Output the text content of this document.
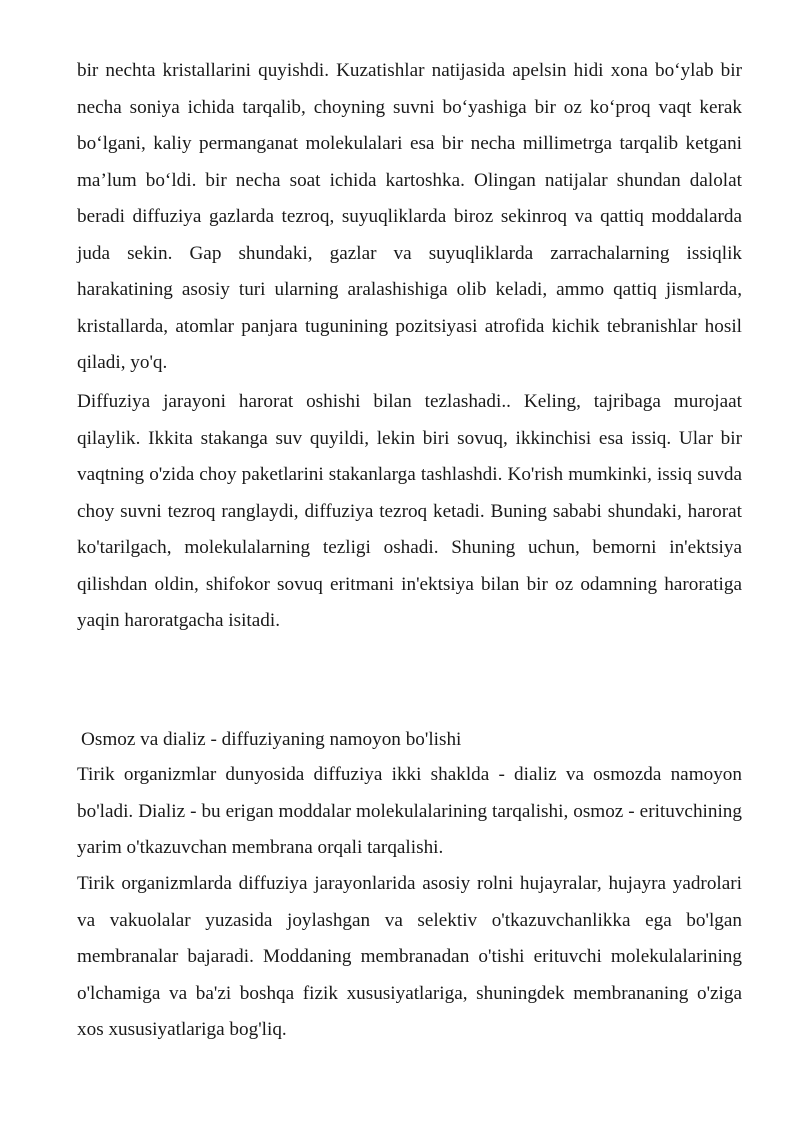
bir nechta kristallarini quyishdi. Kuzatishlar natijasida apelsin hidi xona bo‘ylab bir necha soniya ichida tarqalib, choyning suvni bo‘yashiga bir oz ko‘proq vaqt kerak bo‘lgani, kaliy permanganat molekulalari esa bir necha millimetrga tarqalib ketgani ma’lum bo‘ldi. bir necha soat ichida kartoshka. Olingan natijalar shundan dalolat beradi diffuziya gazlarda tezroq, suyuqliklarda biroz sekinroq va qattiq moddalarda juda sekin. Gap shundaki, gazlar va suyuqliklarda zarrachalarning issiqlik harakatining asosiy turi ularning aralashishiga olib keladi, ammo qattiq jismlarda, kristallarda, atomlar panjara tugunining pozitsiyasi atrofida kichik tebranishlar hosil qiladi, yo'q.

Diffuziya jarayoni harorat oshishi bilan tezlashadi.. Keling, tajribaga murojaat qilaylik. Ikkita stakanga suv quyildi, lekin biri sovuq, ikkinchisi esa issiq. Ular bir vaqtning o'zida choy paketlarini stakanlarga tashlashdi. Ko'rish mumkinki, issiq suvda choy suvni tezroq ranglaydi, diffuziya tezroq ketadi. Buning sababi shundaki, harorat ko'tarilgach, molekulalarning tezligi oshadi. Shuning uchun, bemorni in'ektsiya qilishdan oldin, shifokor sovuq eritmani in'ektsiya bilan bir oz odamning haroratiga yaqin haroratgacha isitadi.

Osmoz va dializ - diffuziyaning namoyon bo'lishi

Tirik organizmlar dunyosida diffuziya ikki shaklda - dializ va osmozda namoyon bo'ladi. Dializ - bu erigan moddalar molekulalarining tarqalishi, osmoz - erituvchining yarim o'tkazuvchan membrana orqali tarqalishi.

Tirik organizmlarda diffuziya jarayonlarida asosiy rolni hujayralar, hujayra yadrolari va vakuolalar yuzasida joylashgan va selektiv o'tkazuvchanlikka ega bo'lgan membranalar bajaradi. Moddaning membranadan o'tishi erituvchi molekulalarining o'lchamiga va ba'zi boshqa fizik xususiyatlariga, shuningdek membrananing o'ziga xos xususiyatlariga bog'liq.
